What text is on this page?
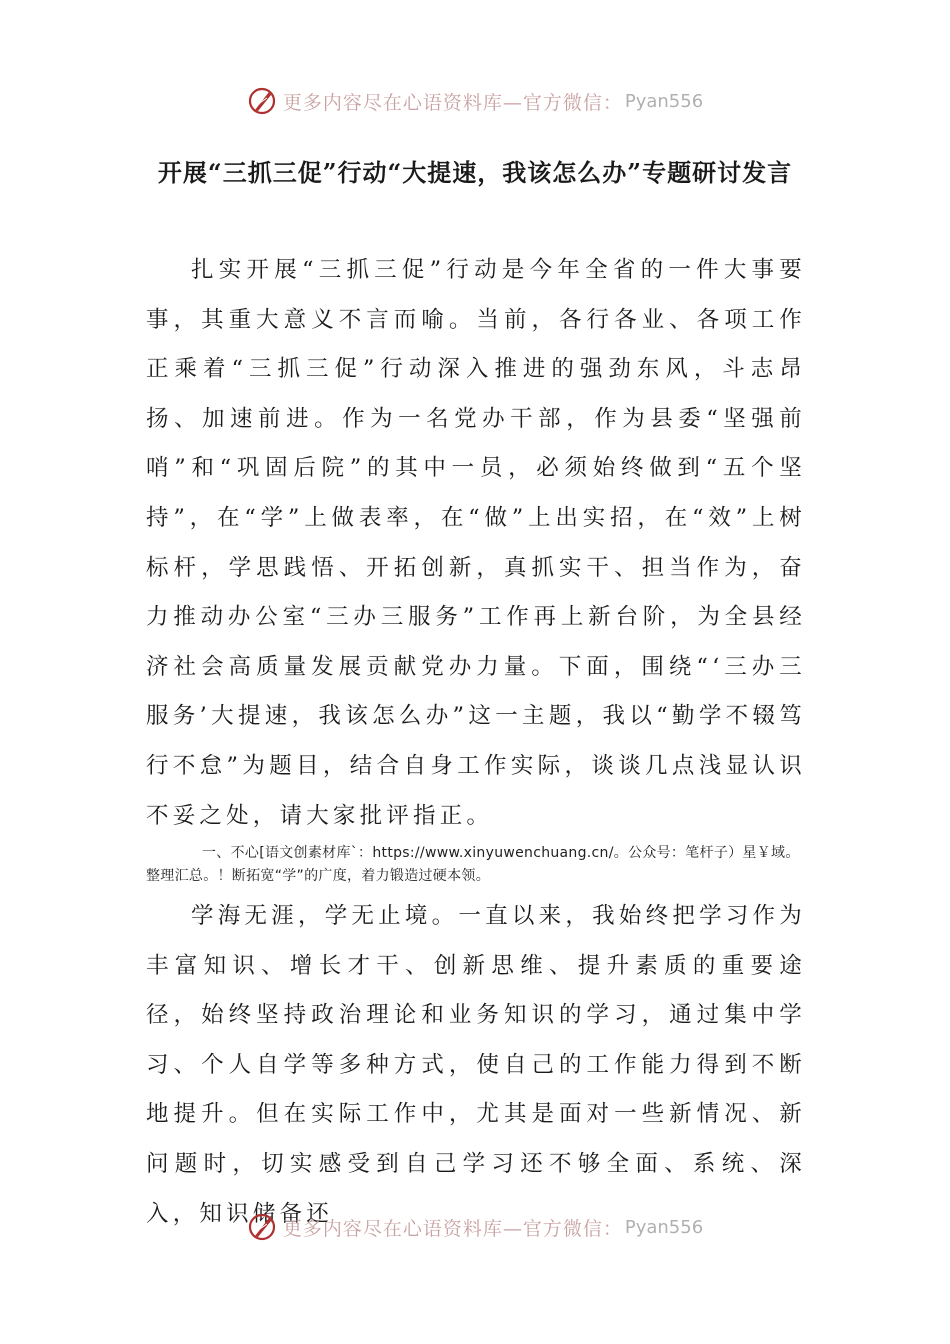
更多内容尽在心语资料库—官方微信： Pyan556
开展“三抓三促”行动“大提速，我该怎么办”专题研讨发言

扎实开展“三抓三促”行动是今年全省的一件大事要事，其重大意义不言而喻。当前，各行各业、各项工作正乘着“三抓三促”行动深入推进的强劲东风，斗志昂扬、加速前进。作为一名党办干部，作为县委“坚强前哨”和“巩固后院”的其中一员，必须始终做到“五个坚持”，在“学”上做表率，在“做”上出实招，在“效”上树标杆，学思践悟、开拓创新，真抓实干、担当作为，奋力推动办公室“三办三服务”工作再上新台阶，为全县经济社会高质量发展贡献党办力量。下面，围绕“‘三办三服务’大提速，我该怎么办”这一主题，我以“勤学不辍笃行不怠”为题目，结合自身工作实际，谈谈几点浅显认识不妥之处，请大家批评指正。

一、不心[语文创素材库`：https://www.xinyuwenchuang.cn/。公众号：笔杆子）星￥域。整理汇总。！断拓宽“学”的广度，着力锻造过硬本领。

学海无涯，学无止境。一直以来，我始终把学习作为丰富知识、增长才干、创新思维、提升素质的重要途径，始终坚持政治理论和业务知识的学习，通过集中学习、个人自学等多种方式，使自己的工作能力得到不断地提升。但在实际工作中，尤其是面对一些新情况、新问题时，切实感受到自己学习还不够全面、系统、深入，知识储备还

更多内容尽在心语资料库—官方微信： Pyan556
